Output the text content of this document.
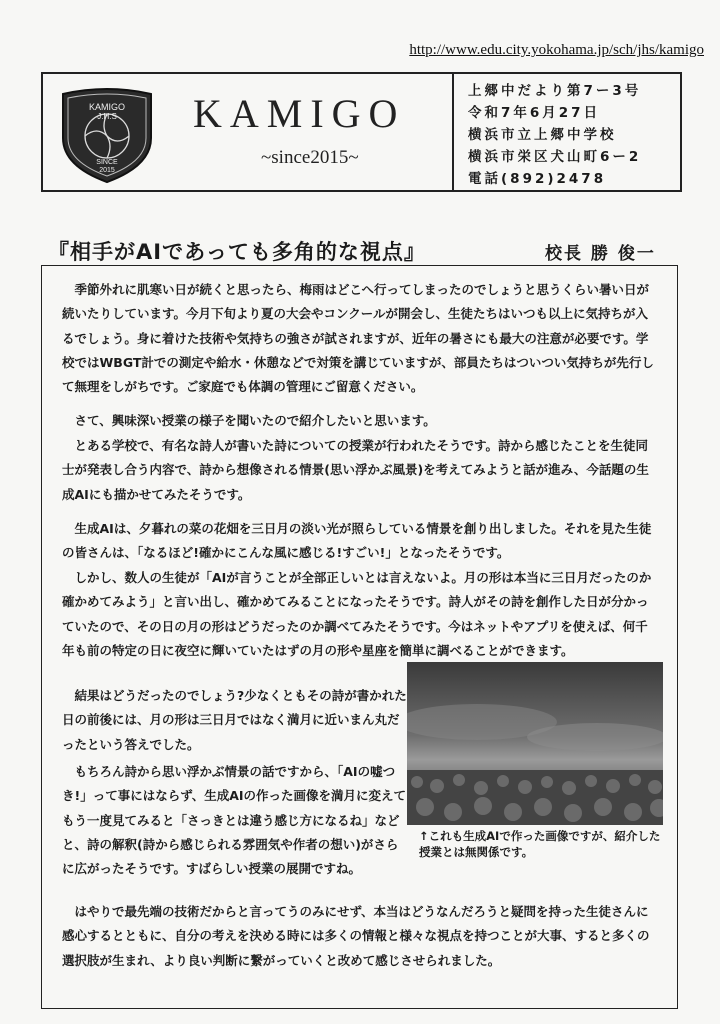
http://www.edu.city.yokohama.jp/sch/jhs/kamigo
KAMIGO
J.H.S
SINCE
2015
KAMIGO
~since2015~
上郷中だより第7ー3号
令和7年6月27日
横浜市立上郷中学校
横浜市栄区犬山町6ー2
電話(892)2478
『相手がAIであっても多角的な視点』	校長 勝 俊一

季節外れに肌寒い日が続くと思ったら、梅雨はどこへ行ってしまったのでしょうと思うくらい暑い日が続いたりしています。今月下旬より夏の大会やコンクールが開会し、生徒たちはいつも以上に気持ちが入るでしょう。身に着けた技術や気持ちの強さが試されますが、近年の暑さにも最大の注意が必要です。学校ではWBGT計での測定や給水・休憩などで対策を講じていますが、部員たちはついつい気持ちが先行して無理をしがちです。ご家庭でも体調の管理にご留意ください。

さて、興味深い授業の様子を聞いたので紹介したいと思います。

とある学校で、有名な詩人が書いた詩についての授業が行われたそうです。詩から感じたことを生徒同士が発表し合う内容で、詩から想像される情景(思い浮かぶ風景)を考えてみようと話が進み、今話題の生成AIにも描かせてみたそうです。

生成AIは、夕暮れの菜の花畑を三日月の淡い光が照らしている情景を創り出しました。それを見た生徒の皆さんは、「なるほど!確かにこんな風に感じる!すごい!」となったそうです。

しかし、数人の生徒が「AIが言うことが全部正しいとは言えないよ。月の形は本当に三日月だったのか確かめてみよう」と言い出し、確かめてみることになったそうです。詩人がその詩を創作した日が分かっていたので、その日の月の形はどうだったのか調べてみたそうです。今はネットやアプリを使えば、何千年も前の特定の日に夜空に輝いていたはずの月の形や星座を簡単に調べることができます。

結果はどうだったのでしょう?少なくともその詩が書かれた日の前後には、月の形は三日月ではなく満月に近いまん丸だったという答えでした。

もちろん詩から思い浮かぶ情景の話ですから、「AIの嘘つき!」って事にはならず、生成AIの作った画像を満月に変えてもう一度見てみると「さっきとは違う感じ方になるね」などと、詩の解釈(詩から感じられる雰囲気や作者の想い)がさらに広がったそうです。すばらしい授業の展開ですね。

はやりで最先端の技術だからと言ってうのみにせず、本当はどうなんだろうと疑問を持った生徒さんに感心するとともに、自分の考えを決める時には多くの情報と様々な視点を持つことが大事、すると多くの選択肢が生まれ、より良い判断に繋がっていくと改めて感じさせられました。

↑これも生成AIで作った画像ですが、紹介した授業とは無関係です。
